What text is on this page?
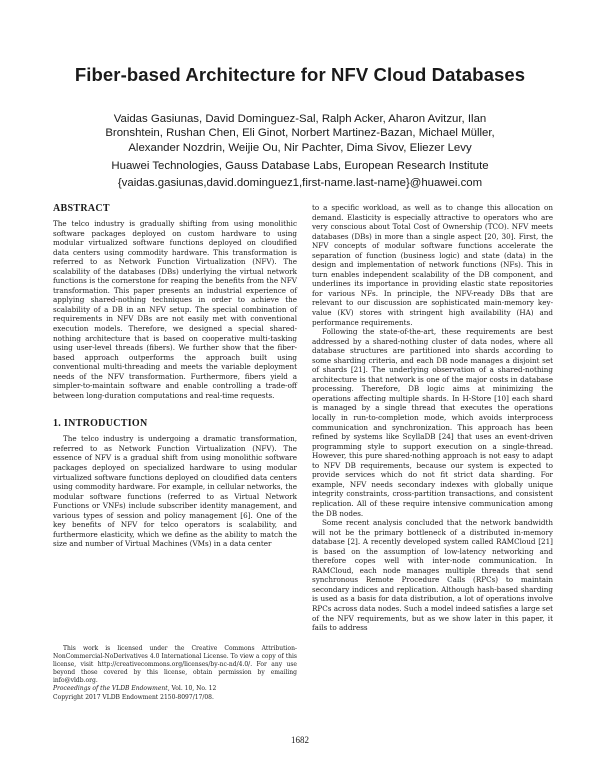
Fiber-based Architecture for NFV Cloud Databases
Vaidas Gasiunas, David Dominguez-Sal, Ralph Acker, Aharon Avitzur, Ilan Bronshtein, Rushan Chen, Eli Ginot, Norbert Martinez-Bazan, Michael Müller, Alexander Nozdrin, Weijie Ou, Nir Pachter, Dima Sivov, Eliezer Levy
Huawei Technologies, Gauss Database Labs, European Research Institute
{vaidas.gasiunas,david.dominguez1,first-name.last-name}@huawei.com
ABSTRACT

The telco industry is gradually shifting from using monolithic software packages deployed on custom hardware to using modular virtualized software functions deployed on cloudified data centers using commodity hardware. This transformation is referred to as Network Function Virtualization (NFV). The scalability of the databases (DBs) underlying the virtual network functions is the cornerstone for reaping the benefits from the NFV transformation. This paper presents an industrial experience of applying shared-nothing techniques in order to achieve the scalability of a DB in an NFV setup. The special combination of requirements in NFV DBs are not easily met with conventional execution models. Therefore, we designed a special shared-nothing architecture that is based on cooperative multi-tasking using user-level threads (fibers). We further show that the fiber-based approach outperforms the approach built using conventional multi-threading and meets the variable deployment needs of the NFV transformation. Furthermore, fibers yield a simpler-to-maintain software and enable controlling a trade-off between long-duration computations and real-time requests.

1. INTRODUCTION

The telco industry is undergoing a dramatic transformation, referred to as Network Function Virtualization (NFV). The essence of NFV is a gradual shift from using monolithic software packages deployed on specialized hardware to using modular virtualized software functions deployed on cloudified data centers using commodity hardware. For example, in cellular networks, the modular software functions (referred to as Virtual Network Functions or VNFs) include subscriber identity management, and various types of session and policy management [6]. One of the key benefits of NFV for telco operators is scalability, and furthermore elasticity, which we define as the ability to match the size and number of Virtual Machines (VMs) in a data center

to a specific workload, as well as to change this allocation on demand. Elasticity is especially attractive to operators who are very conscious about Total Cost of Ownership (TCO). NFV meets databases (DBs) in more than a single aspect [20, 30]. First, the NFV concepts of modular software functions accelerate the separation of function (business logic) and state (data) in the design and implementation of network functions (NFs). This in turn enables independent scalability of the DB component, and underlines its importance in providing elastic state repositories for various NFs. In principle, the NFV-ready DBs that are relevant to our discussion are sophisticated main-memory key-value (KV) stores with stringent high availability (HA) and performance requirements.

Following the state-of-the-art, these requirements are best addressed by a shared-nothing cluster of data nodes, where all database structures are partitioned into shards according to some sharding criteria, and each DB node manages a disjoint set of shards [21]. The underlying observation of a shared-nothing architecture is that network is one of the major costs in database processing. Therefore, DB logic aims at minimizing the operations affecting multiple shards. In H-Store [10] each shard is managed by a single thread that executes the operations locally in run-to-completion mode, which avoids interprocess communication and synchronization. This approach has been refined by systems like ScyllaDB [24] that uses an event-driven programming style to support execution on a single-thread. However, this pure shared-nothing approach is not easy to adapt to NFV DB requirements, because our system is expected to provide services which do not fit strict data sharding. For example, NFV needs secondary indexes with globally unique integrity constraints, cross-partition transactions, and consistent replication. All of these require intensive communication among the DB nodes.

Some recent analysis concluded that the network bandwidth will not be the primary bottleneck of a distributed in-memory database [2]. A recently developed system called RAMCloud [21] is based on the assumption of low-latency networking and therefore copes well with inter-node communication. In RAMCloud, each node manages multiple threads that send synchronous Remote Procedure Calls (RPCs) to maintain secondary indices and replication. Although hash-based sharding is used as a basis for data distribution, a lot of operations involve RPCs across data nodes. Such a model indeed satisfies a large set of the NFV requirements, but as we show later in this paper, it fails to address

This work is licensed under the Creative Commons Attribution-NonCommercial-NoDerivatives 4.0 International License. To view a copy of this license, visit http://creativecommons.org/licenses/by-nc-nd/4.0/. For any use beyond those covered by this license, obtain permission by emailing info@vldb.org.

Proceedings of the VLDB Endowment, Vol. 10, No. 12

Copyright 2017 VLDB Endowment 2150-8097/17/08.

1682
